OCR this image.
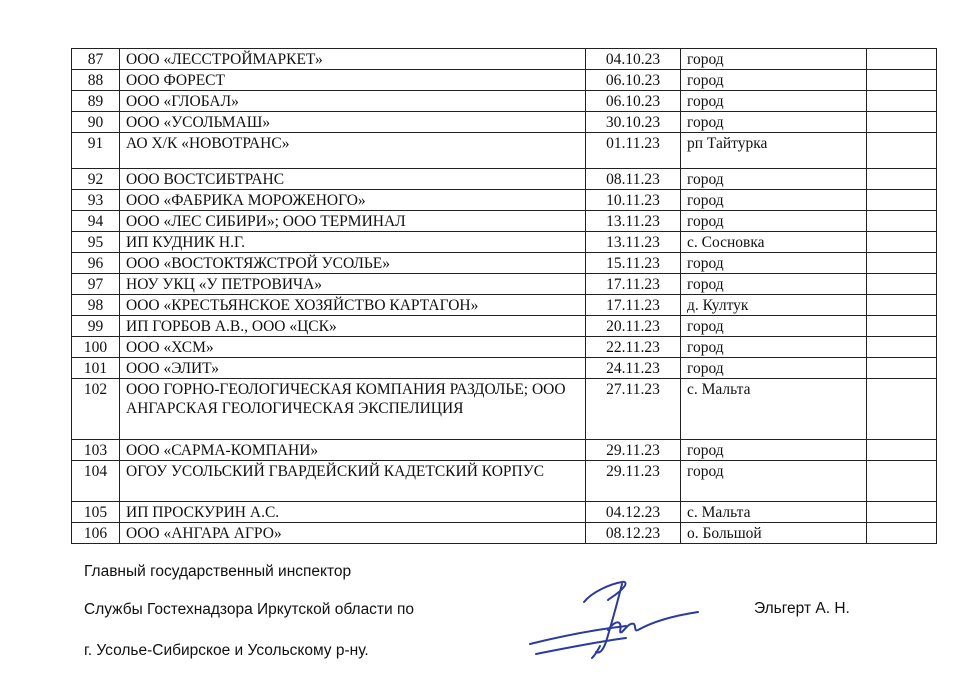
87	ООО «ЛЕССТРОЙМАРКЕТ»	04.10.23	город	
88	ООО ФОРЕСТ	06.10.23	город	
89	ООО «ГЛОБАЛ»	06.10.23	город	
90	ООО «УСОЛЬМАШ»	30.10.23	город	
91	АО Х/К «НОВОТРАНС»	01.11.23	рп Тайтурка	
92	ООО ВОСТСИБТРАНС	08.11.23	город	
93	ООО «ФАБРИКА МОРОЖЕНОГО»	10.11.23	город	
94	ООО «ЛЕС СИБИРИ»; ООО ТЕРМИНАЛ	13.11.23	город	
95	ИП КУДНИК Н.Г.	13.11.23	с. Сосновка	
96	ООО «ВОСТОКТЯЖСТРОЙ УСОЛЬЕ»	15.11.23	город	
97	НОУ УКЦ «У ПЕТРОВИЧА»	17.11.23	город	
98	ООО «КРЕСТЬЯНСКОЕ ХОЗЯЙСТВО КАРТАГОН»	17.11.23	д. Култук	
99	ИП ГОРБОВ А.В., ООО «ЦСК»	20.11.23	город	
100	ООО «ХСМ»	22.11.23	город	
101	ООО «ЭЛИТ»	24.11.23	город	
102	ООО ГОРНО-ГЕОЛОГИЧЕСКАЯ КОМПАНИЯ РАЗДОЛЬЕ; ООО АНГАРСКАЯ ГЕОЛОГИЧЕСКАЯ ЭКСПЕЛИЦИЯ	27.11.23	с. Мальта	
103	ООО «САРМА-КОМПАНИ»	29.11.23	город	
104	ОГОУ УСОЛЬСКИЙ ГВАРДЕЙСКИЙ КАДЕТСКИЙ КОРПУС	29.11.23	город	
105	ИП ПРОСКУРИН А.С.	04.12.23	с. Мальта	
106	ООО «АНГАРА АГРО»	08.12.23	о. Большой	
Главный государственный инспектор
Службы Гостехнадзора Иркутской области по
г. Усолье-Сибирское и Усольскому р-ну.
Эльгерт А. Н.
